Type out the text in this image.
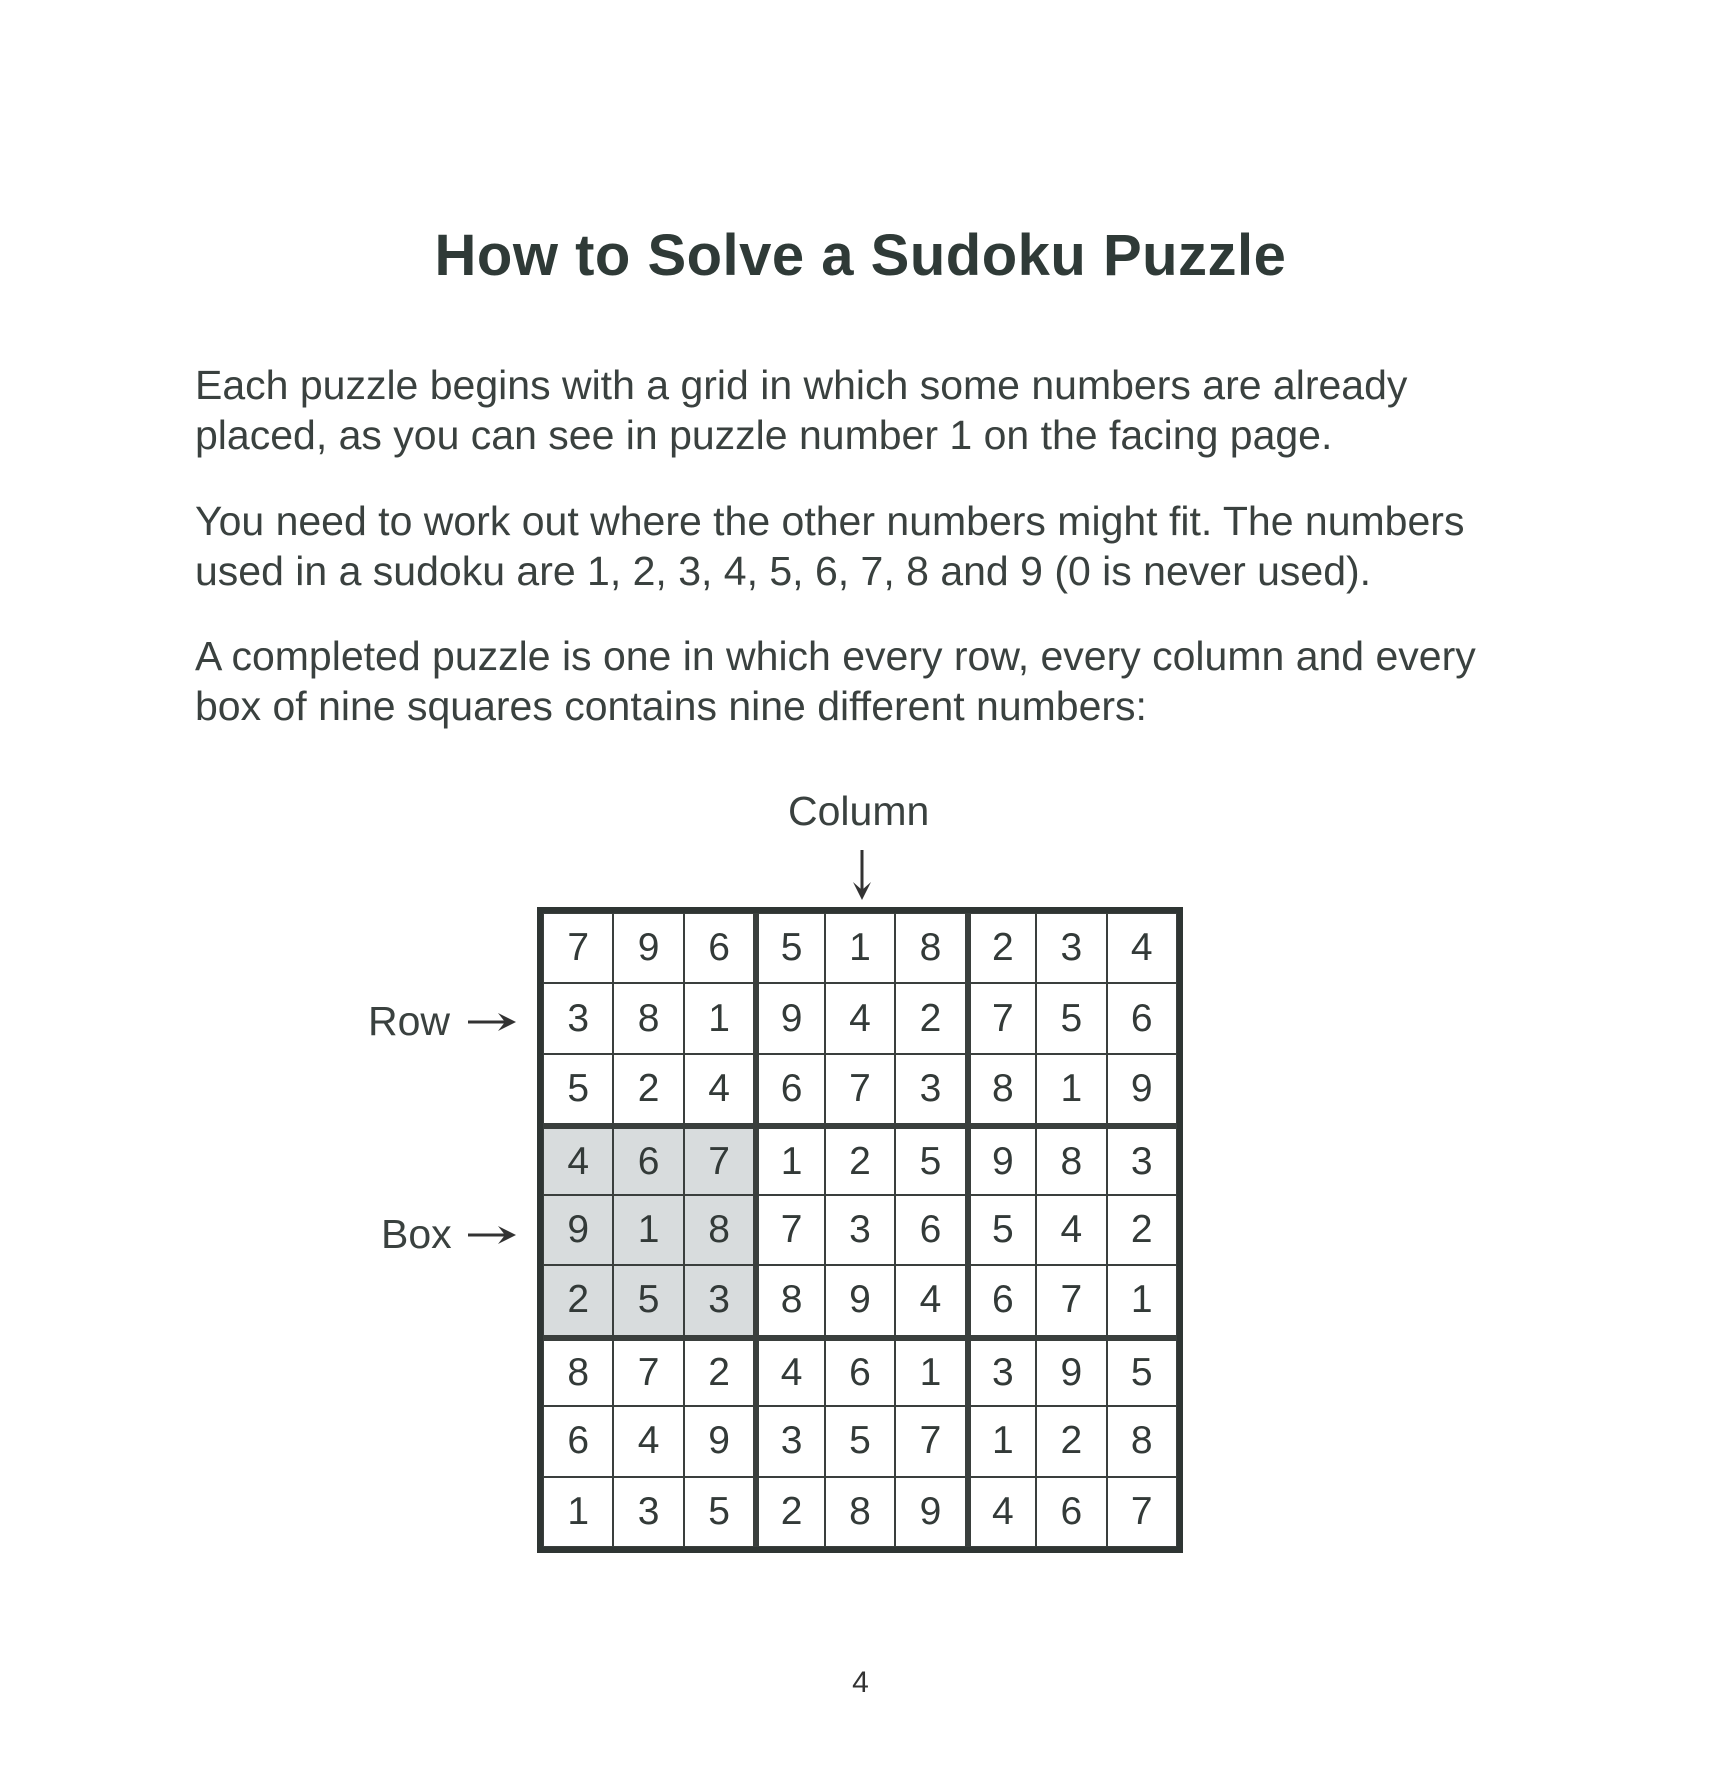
How to Solve a Sudoku Puzzle
Each puzzle begins with a grid in which some numbers are already placed, as you can see in puzzle number 1 on the facing page.
You need to work out where the other numbers might fit. The numbers used in a sudoku are 1, 2, 3, 4, 5, 6, 7, 8 and 9 (0 is never used).
A completed puzzle is one in which every row, every column and every box of nine squares contains nine different numbers:
Column
Row
Box
7	9	6	5	1	8	2	3	4
3	8	1	9	4	2	7	5	6
5	2	4	6	7	3	8	1	9
4	6	7	1	2	5	9	8	3
9	1	8	7	3	6	5	4	2
2	5	3	8	9	4	6	7	1
8	7	2	4	6	1	3	9	5
6	4	9	3	5	7	1	2	8
1	3	5	2	8	9	4	6	7
4
